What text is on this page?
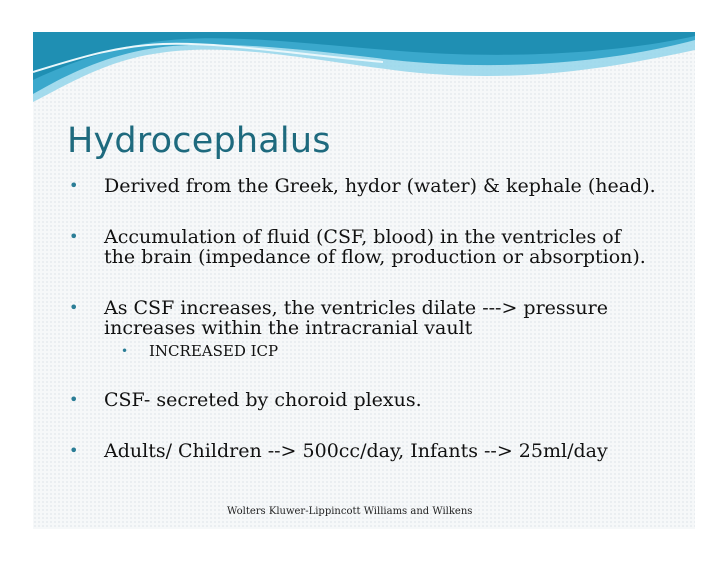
Hydrocephalus
• Derived from the Greek, hydor (water) & kephale (head).
• Accumulation of fluid (CSF, blood) in the ventricles of
the brain (impedance of flow, production or absorption).
• As CSF increases, the ventricles dilate ---> pressure
increases within the intracranial vault
• INCREASED ICP
• CSF- secreted by choroid plexus.
• Adults/ Children --> 500cc/day, Infants --> 25ml/day
Wolters Kluwer-Lippincott Williams and Wilkens
